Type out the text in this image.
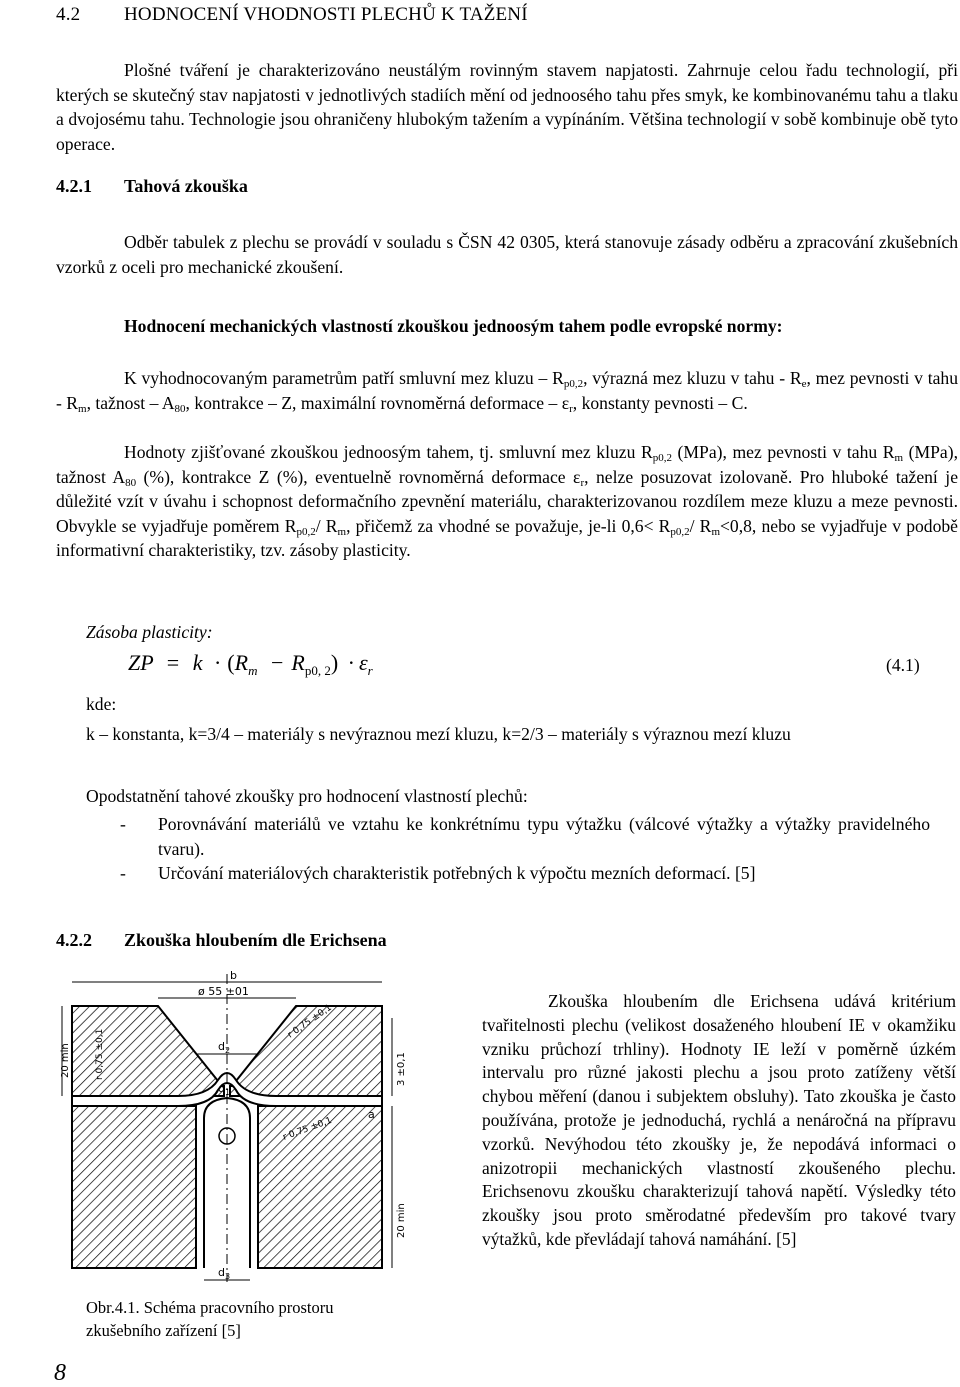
4.2 HODNOCENÍ VHODNOSTI PLECHŮ K TAŽENÍ
Plošné tváření je charakterizováno neustálým rovinným stavem napjatosti. Zahrnuje celou řadu technologií, při kterých se skutečný stav napjatosti v jednotlivých stadiích mění od jednoosého tahu přes smyk, ke kombinovanému tahu a tlaku a dvojosému tahu. Technologie jsou ohraničeny hlubokým tažením a vypínáním. Většina technologií v sobě kombinuje obě tyto operace.
4.2.1 Tahová zkouška
Odběr tabulek z plechu se provádí v souladu s ČSN 42 0305, která stanovuje zásady odběru a zpracování zkušebních vzorků z oceli pro mechanické zkoušení.
Hodnocení mechanických vlastností zkouškou jednoosým tahem podle evropské normy:
K vyhodnocovaným parametrům patří smluvní mez kluzu – $R_{p0,2}$, výrazná mez kluzu v tahu - $R_e$, mez pevnosti v tahu - $R_m$, tažnost – $A_{80}$, kontrakce – Z, maximální rovnoměrná deformace – $\varepsilon_r$, konstanty pevnosti – C.
Hodnoty zjišťované zkouškou jednoosým tahem, tj. smluvní mez kluzu $R_{p0,2}$ (MPa), mez pevnosti v tahu $R_m$ (MPa), tažnost $A_{80}$ (%), kontrakce Z (%), eventuelně rovnoměrná deformace $\varepsilon_r$, nelze posuzovat izolovaně. Pro hluboké tažení je důležité vzít v úvahu i schopnost deformačního zpevnění materiálu, charakterizovanou rozdílem meze kluzu a meze pevnosti. Obvykle se vyjadřuje poměrem $R_{p0,2}/$ $R_m$, přičemž za vhodné se považuje, je-li $0,6< R_{p0,2}/$ $R_m<0,8$, nebo se vyjadřuje v podobě informativní charakteristiky, tzv. zásoby plasticity.
Zásoba plasticity:
ZP = $k \cdot (R_m - R_{p0, 2}) \cdot \varepsilon_r$	(4.1)
kde:
k – konstanta, k=3/4 – materiály s nevýraznou mezí kluzu, k=2/3 – materiály s výraznou mezí kluzu
Opodstatnění tahové zkoušky pro hodnocení vlastností plechů:
- Porovnávání materiálů ve vztahu ke konkrétnímu typu výtažku (válcové výtažky a výtažky pravidelného tvaru).
- Určování materiálových charakteristik potřebných k výpočtu mezních deformací. [5]
4.2.2 Zkouška hloubením dle Erichsena
b
ø 55 ±01
$d_2$
$d_1$
$d_3$
20 min
20 min
r 0,75 ±0,1
r 0,75 ±0,1
r 0,75 ±0,1
3 ±0,1
a
Zkouška hloubením dle Erichsena udává kritérium tvařitelnosti plechu (velikost dosaženého hloubení IE v okamžiku vzniku průchozí trhliny). Hodnoty IE leží v poměrně úzkém intervalu pro různé jakosti plechu a jsou proto zatíženy větší chybou měření (danou i subjektem obsluhy). Tato zkouška je často používána, protože je jednoduchá, rychlá a nenáročná na přípravu vzorků. Nevýhodou této zkoušky je, že nepodává informaci o anizotropii mechanických vlastností zkoušeného plechu. Erichsenovu zkoušku charakterizují tahová napětí. Výsledky této zkoušky jsou proto směrodatné především pro takové tvary výtažků, kde převládají tahová namáhání. [5]
Obr.4.1. Schéma pracovního prostoru zkušebního zařízení [5]
8
